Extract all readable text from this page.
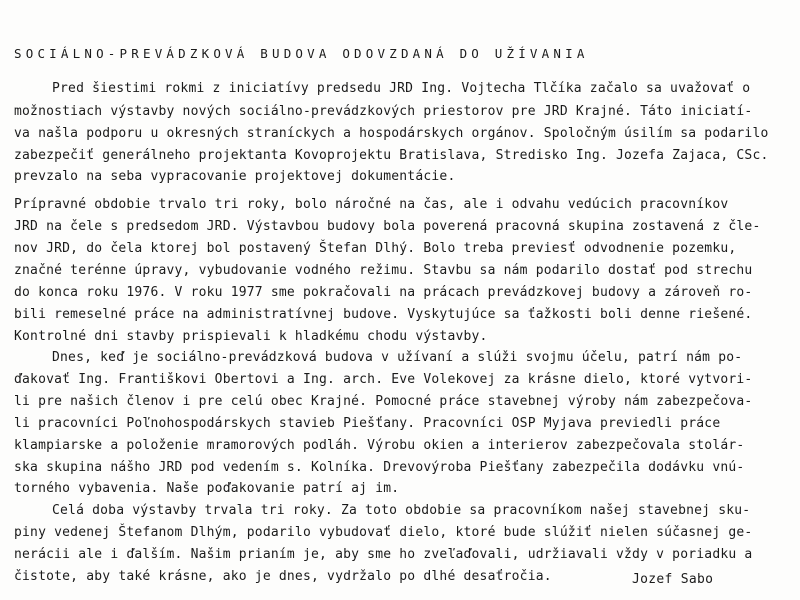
SOCIÁLNO-PREVÁDZKOVÁ BUDOVA ODOVZDANÁ DO UŽÍVANIA
Pred šiestimi rokmi z iniciatívy predsedu JRD Ing. Vojtecha Tlčíka začalo sa uvažovať o
možnostiach výstavby nových sociálno-prevádzkových priestorov pre JRD Krajné. Táto iniciatí-
va našla podporu u okresných straníckych a hospodárskych orgánov. Spoločným úsilím sa podarilo
zabezpečiť generálneho projektanta Kovoprojektu Bratislava, Stredisko Ing. Jozefa Zajaca, CSc.
prevzalo na seba vypracovanie projektovej dokumentácie.
Prípravné obdobie trvalo tri roky, bolo náročné na čas, ale i odvahu vedúcich pracovníkov
JRD na čele s predsedom JRD. Výstavbou budovy bola poverená pracovná skupina zostavená z čle-
nov JRD, do čela ktorej bol postavený Štefan Dlhý. Bolo treba previesť odvodnenie pozemku,
značné terénne úpravy, vybudovanie vodného režimu. Stavbu sa nám podarilo dostať pod strechu
do konca roku 1976. V roku 1977 sme pokračovali na prácach prevádzkovej budovy a zároveň ro-
bili remeselné práce na administratívnej budove. Vyskytujúce sa ťažkosti boli denne riešené.
Kontrolné dni stavby prispievali k hladkému chodu výstavby.
Dnes, keď je sociálno-prevádzková budova v užívaní a slúži svojmu účelu, patrí nám po-
ďakovať Ing. Františkovi Obertovi a Ing. arch. Eve Volekovej za krásne dielo, ktoré vytvori-
li pre našich členov i pre celú obec Krajné. Pomocné práce stavebnej výroby nám zabezpečova-
li pracovníci Poľnohospodárskych stavieb Piešťany. Pracovníci OSP Myjava previedli práce
klampiarske a položenie mramorových podláh. Výrobu okien a interierov zabezpečovala stolár-
ska skupina nášho JRD pod vedením s. Kolníka. Drevovýroba Piešťany zabezpečila dodávku vnú-
torného vybavenia. Naše poďakovanie patrí aj im.
Celá doba výstavby trvala tri roky. Za toto obdobie sa pracovníkom našej stavebnej sku-
piny vedenej Štefanom Dlhým, podarilo vybudovať dielo, ktoré bude slúžiť nielen súčasnej ge-
nerácii ale i ďalším. Našim prianím je, aby sme ho zveľaďovali, udržiavali vždy v poriadku a
čistote, aby také krásne, ako je dnes, vydržalo po dlhé desaťročia.	Jozef Sabo
